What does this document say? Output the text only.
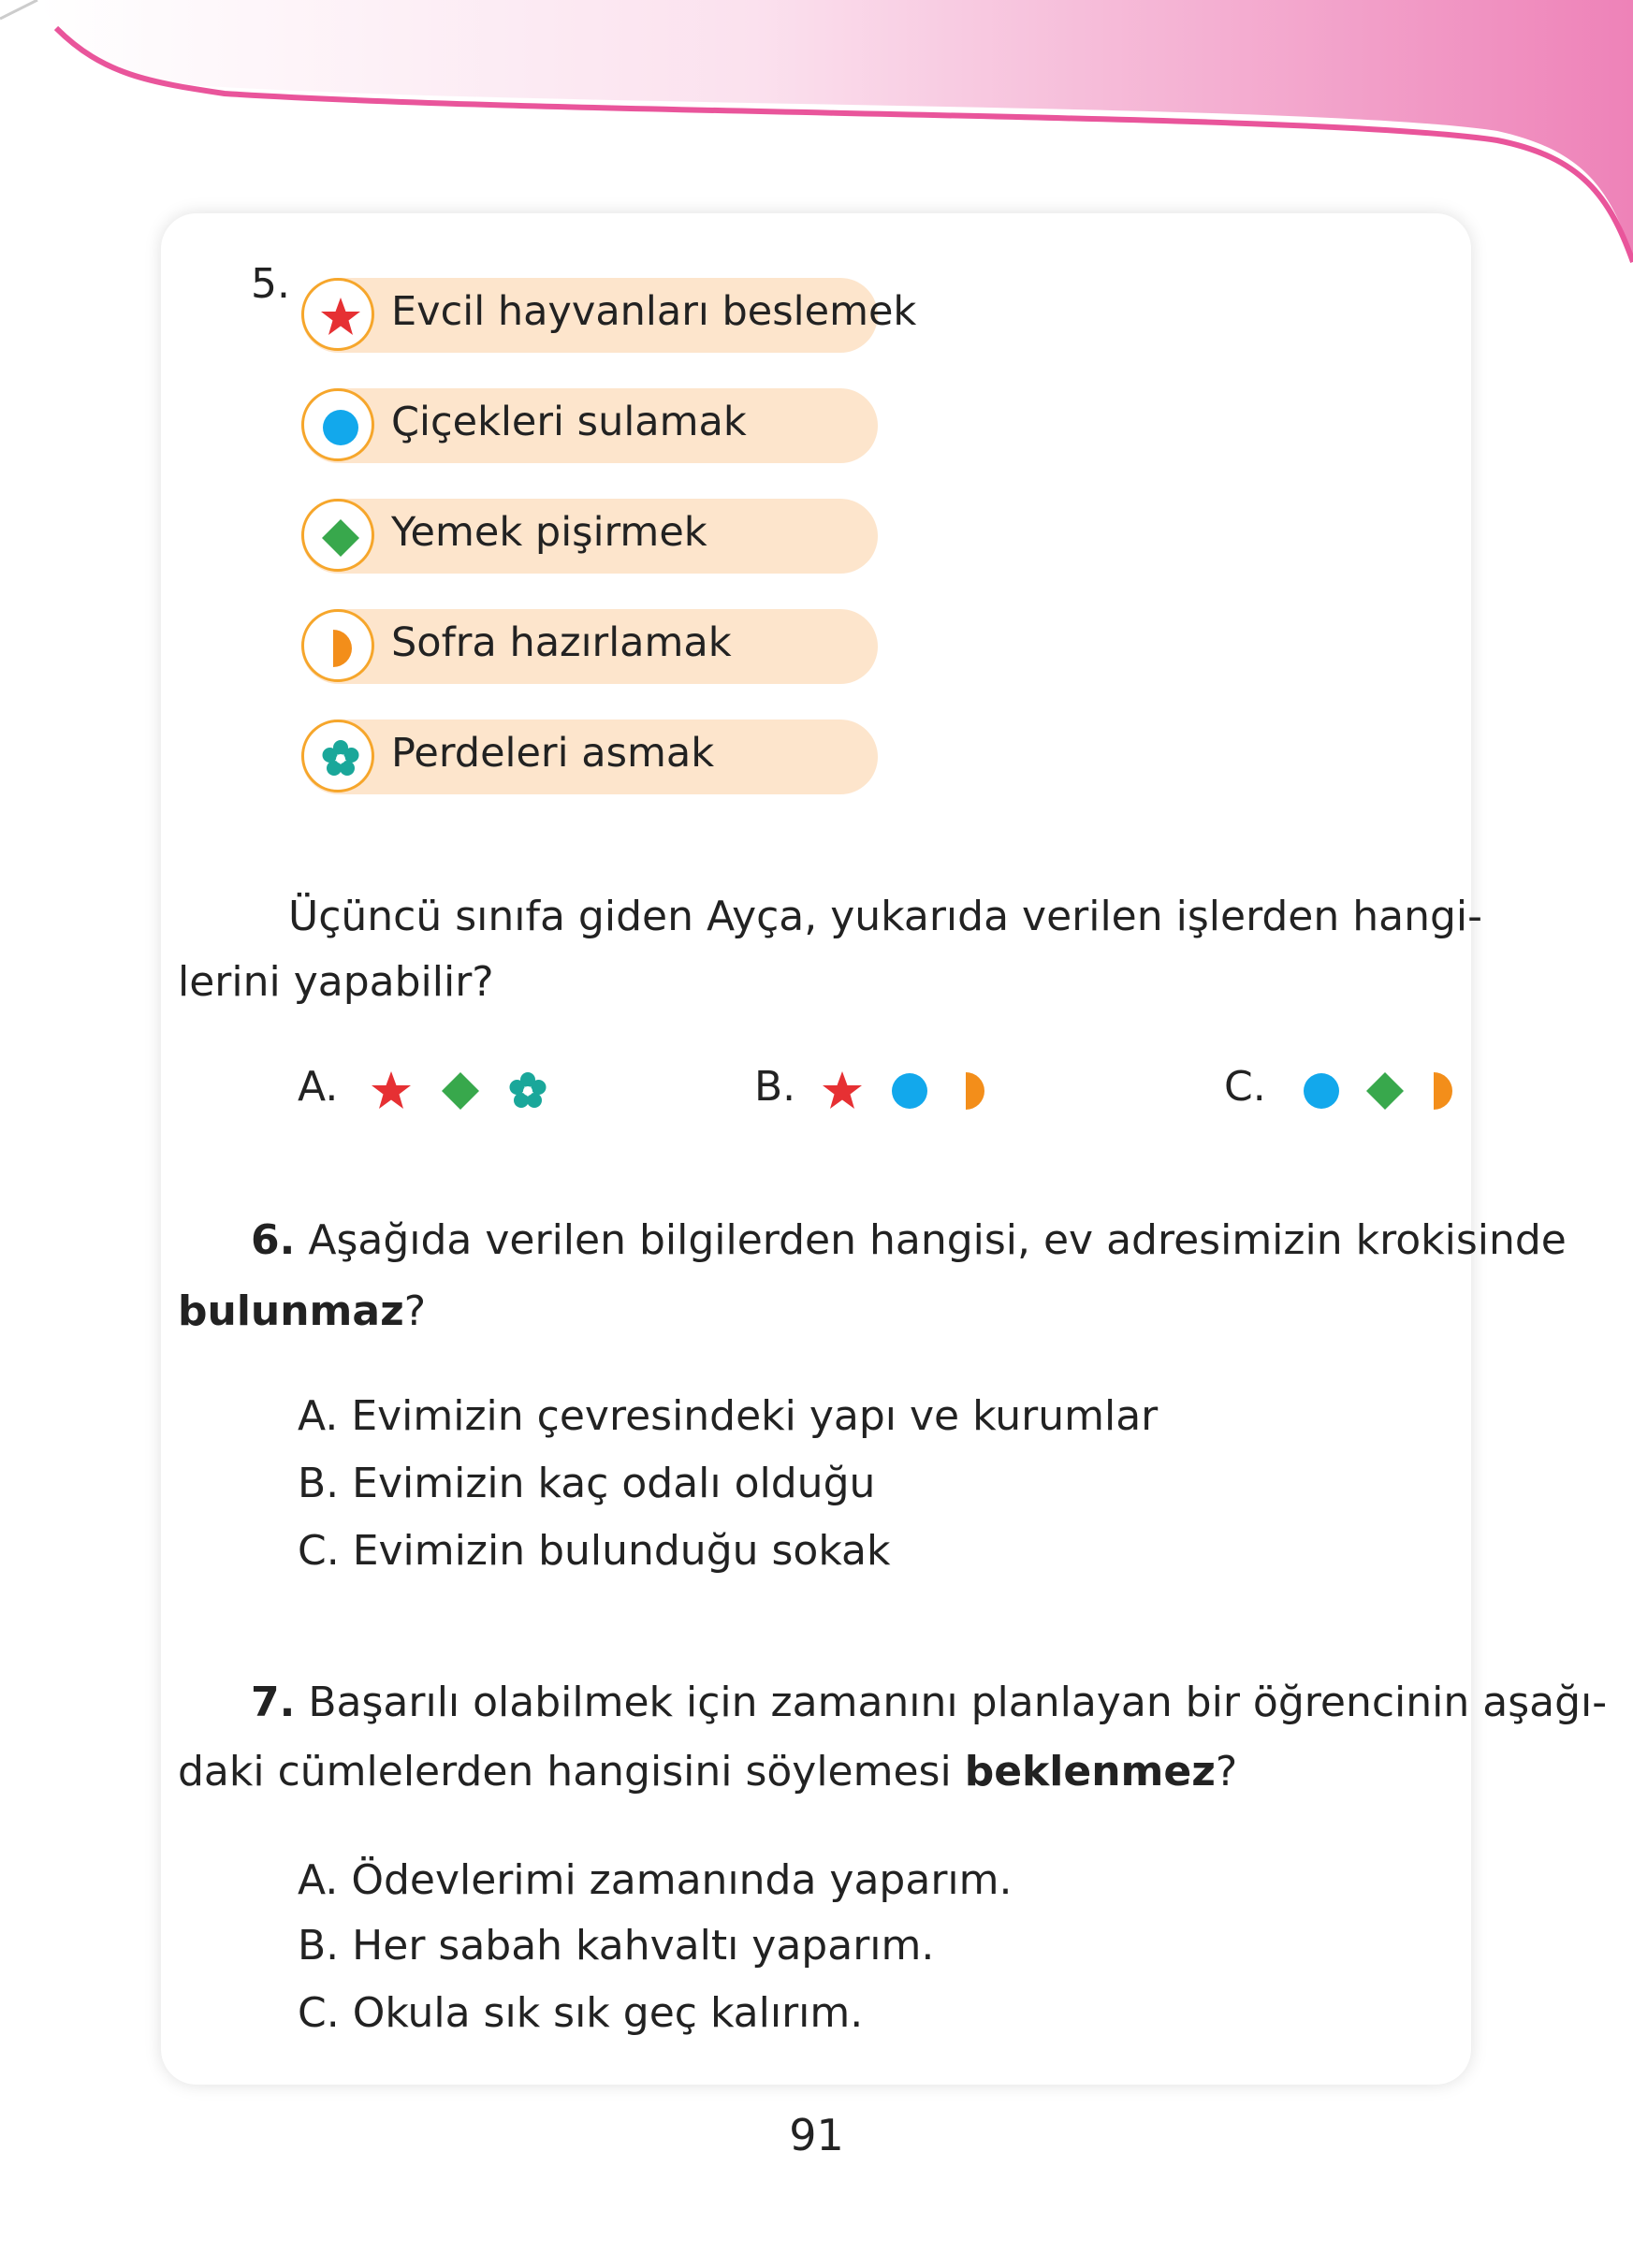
5.
Evcil hayvanları beslemek
Çiçekleri sulamak
Yemek pişirmek
Sofra hazırlamak
Perdeleri asmak
Üçüncü sınıfa giden Ayça, yukarıda verilen işlerden hangi-
lerini yapabilir?
A.	B.	C.
6. Aşağıda verilen bilgilerden hangisi, ev adresimizin krokisinde
bulunmaz?
A. Evimizin çevresindeki yapı ve kurumlar
B. Evimizin kaç odalı olduğu
C. Evimizin bulunduğu sokak
7. Başarılı olabilmek için zamanını planlayan bir öğrencinin aşağı-
daki cümlelerden hangisini söylemesi beklenmez?
A. Ödevlerimi zamanında yaparım.
B. Her sabah kahvaltı yaparım.
C. Okula sık sık geç kalırım.
91
